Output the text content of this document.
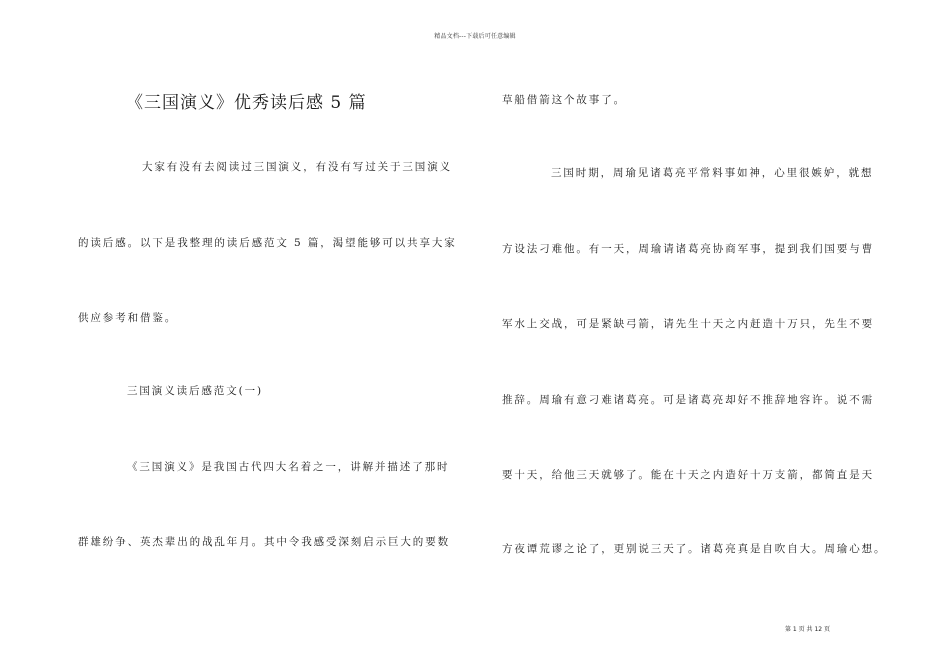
精品文档---下载后可任意编辑
《三国演义》优秀读后感 5 篇
大家有没有去阅读过三国演义，有没有写过关于三国演义
的读后感。以下是我整理的读后感范文 5 篇，渴望能够可以共享大家
供应参考和借鉴。
三国演义读后感范文(一)
《三国演义》是我国古代四大名着之一，讲解并描述了那时
群雄纷争、英杰辈出的战乱年月。其中令我感受深刻启示巨大的要数
草船借箭这个故事了。
三国时期，周瑜见诸葛亮平常料事如神，心里很嫉妒，就想
方设法刁难他。有一天，周瑜请诸葛亮协商军事，提到我们国要与曹
军水上交战，可是紧缺弓箭，请先生十天之内赶造十万只，先生不要
推辞。周瑜有意刁难诸葛亮。可是诸葛亮却好不推辞地容许。说不需
要十天，给他三天就够了。能在十天之内造好十万支箭，都简直是天
方夜谭荒谬之论了，更别说三天了。诸葛亮真是自吹自大。周瑜心想。
第 1 页 共 12 页
